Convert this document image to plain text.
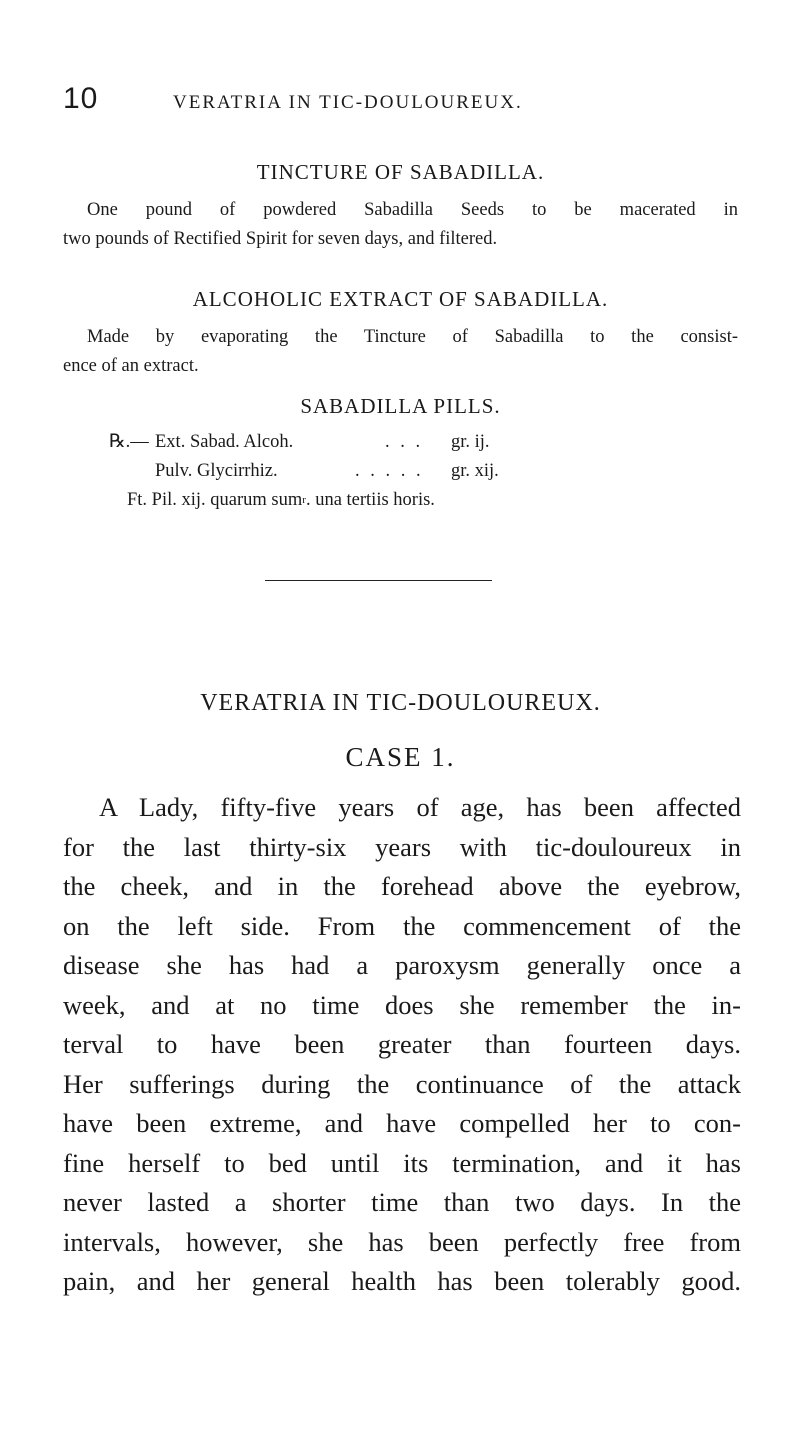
10	VERATRIA IN TIC-DOULOUREUX.

TINCTURE OF SABADILLA.

One pound of powdered Sabadilla Seeds to be macerated in
two pounds of Rectified Spirit for seven days, and filtered.

ALCOHOLIC EXTRACT OF SABADILLA.

Made by evaporating the Tincture of Sabadilla to the consist-
ence of an extract.

SABADILLA PILLS.

℞.— Ext. Sabad. Alcoh.	. . .	gr. ij.
Pulv. Glycirrhiz.	. . . . .	gr. xij.
Ft. Pil. xij. quarum sum r . una tertiis horis.

VERATRIA IN TIC-DOULOUREUX.

CASE 1.

A Lady, fifty-five years of age, has been affected
for the last thirty-six years with tic-douloureux in
the cheek, and in the forehead above the eyebrow,
on the left side. From the commencement of the
disease she has had a paroxysm generally once a
week, and at no time does she remember the in-
terval to have been greater than fourteen days.
Her sufferings during the continuance of the attack
have been extreme, and have compelled her to con-
fine herself to bed until its termination, and it has
never lasted a shorter time than two days. In the
intervals, however, she has been perfectly free from
pain, and her general health has been tolerably good.
